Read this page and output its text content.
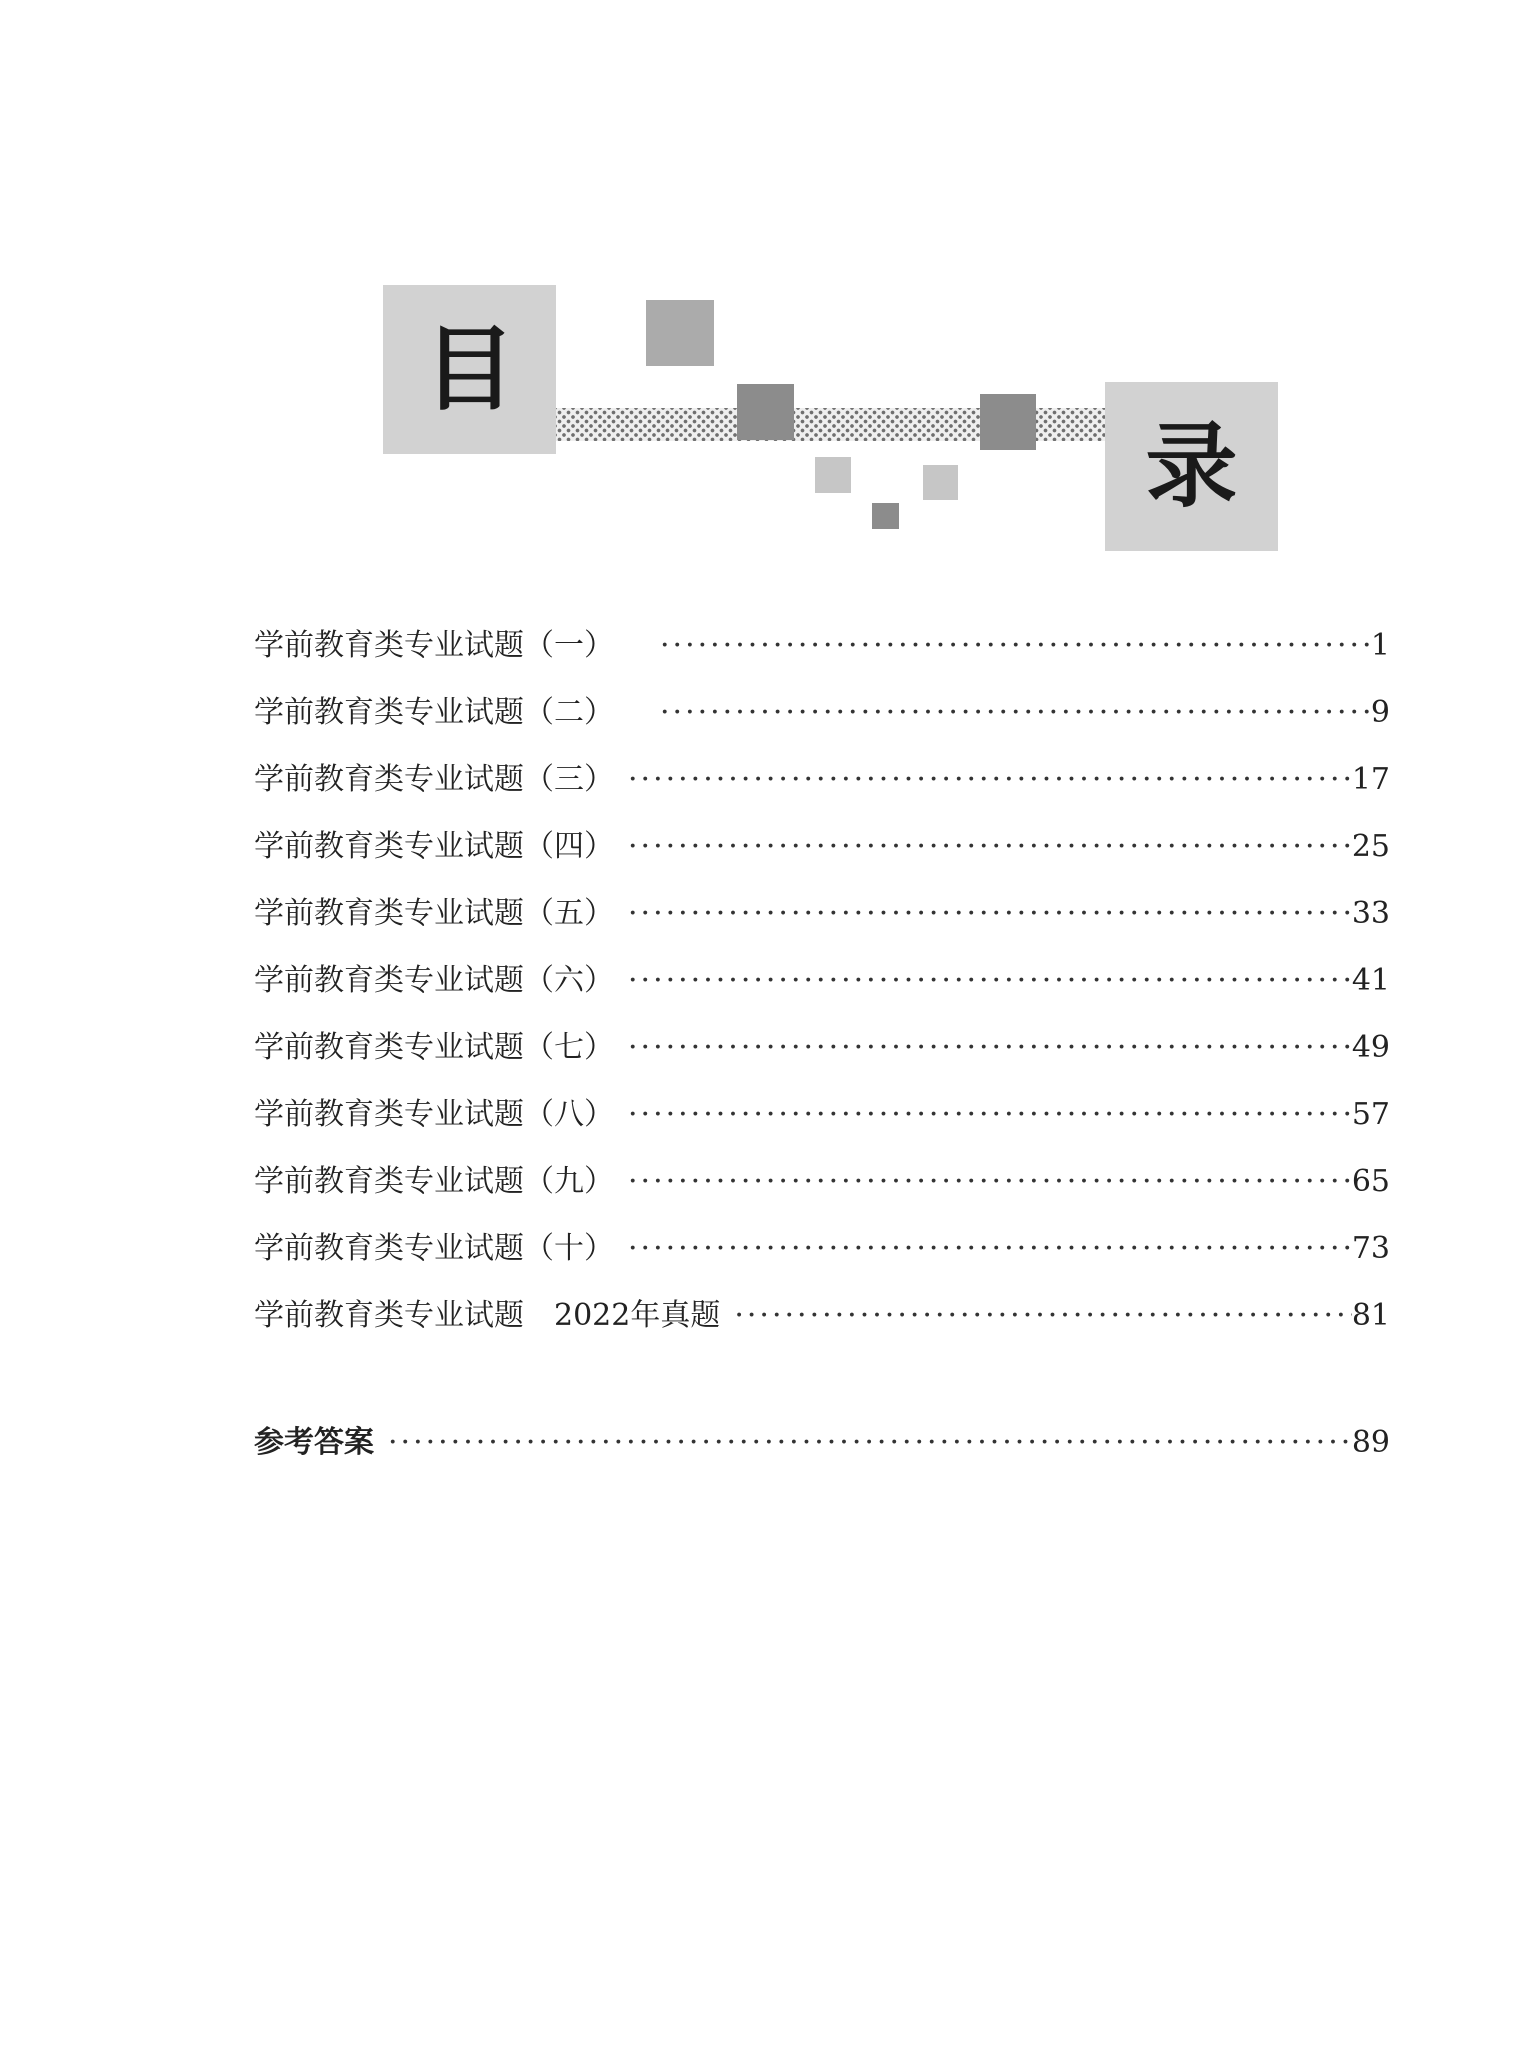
目
录
学前教育类专业试题（一） ·····	1
学前教育类专业试题（二） ·····	9
学前教育类专业试题（三） ·····	17
学前教育类专业试题（四） ·····	25
学前教育类专业试题（五） ·····	33
学前教育类专业试题（六） ·····	41
学前教育类专业试题（七） ·····	49
学前教育类专业试题（八） ·····	57
学前教育类专业试题（九） ·····	65
学前教育类专业试题（十） ·····	73
学前教育类专业试题　2022年真题 ·····	81
参考答案 ·····	89
